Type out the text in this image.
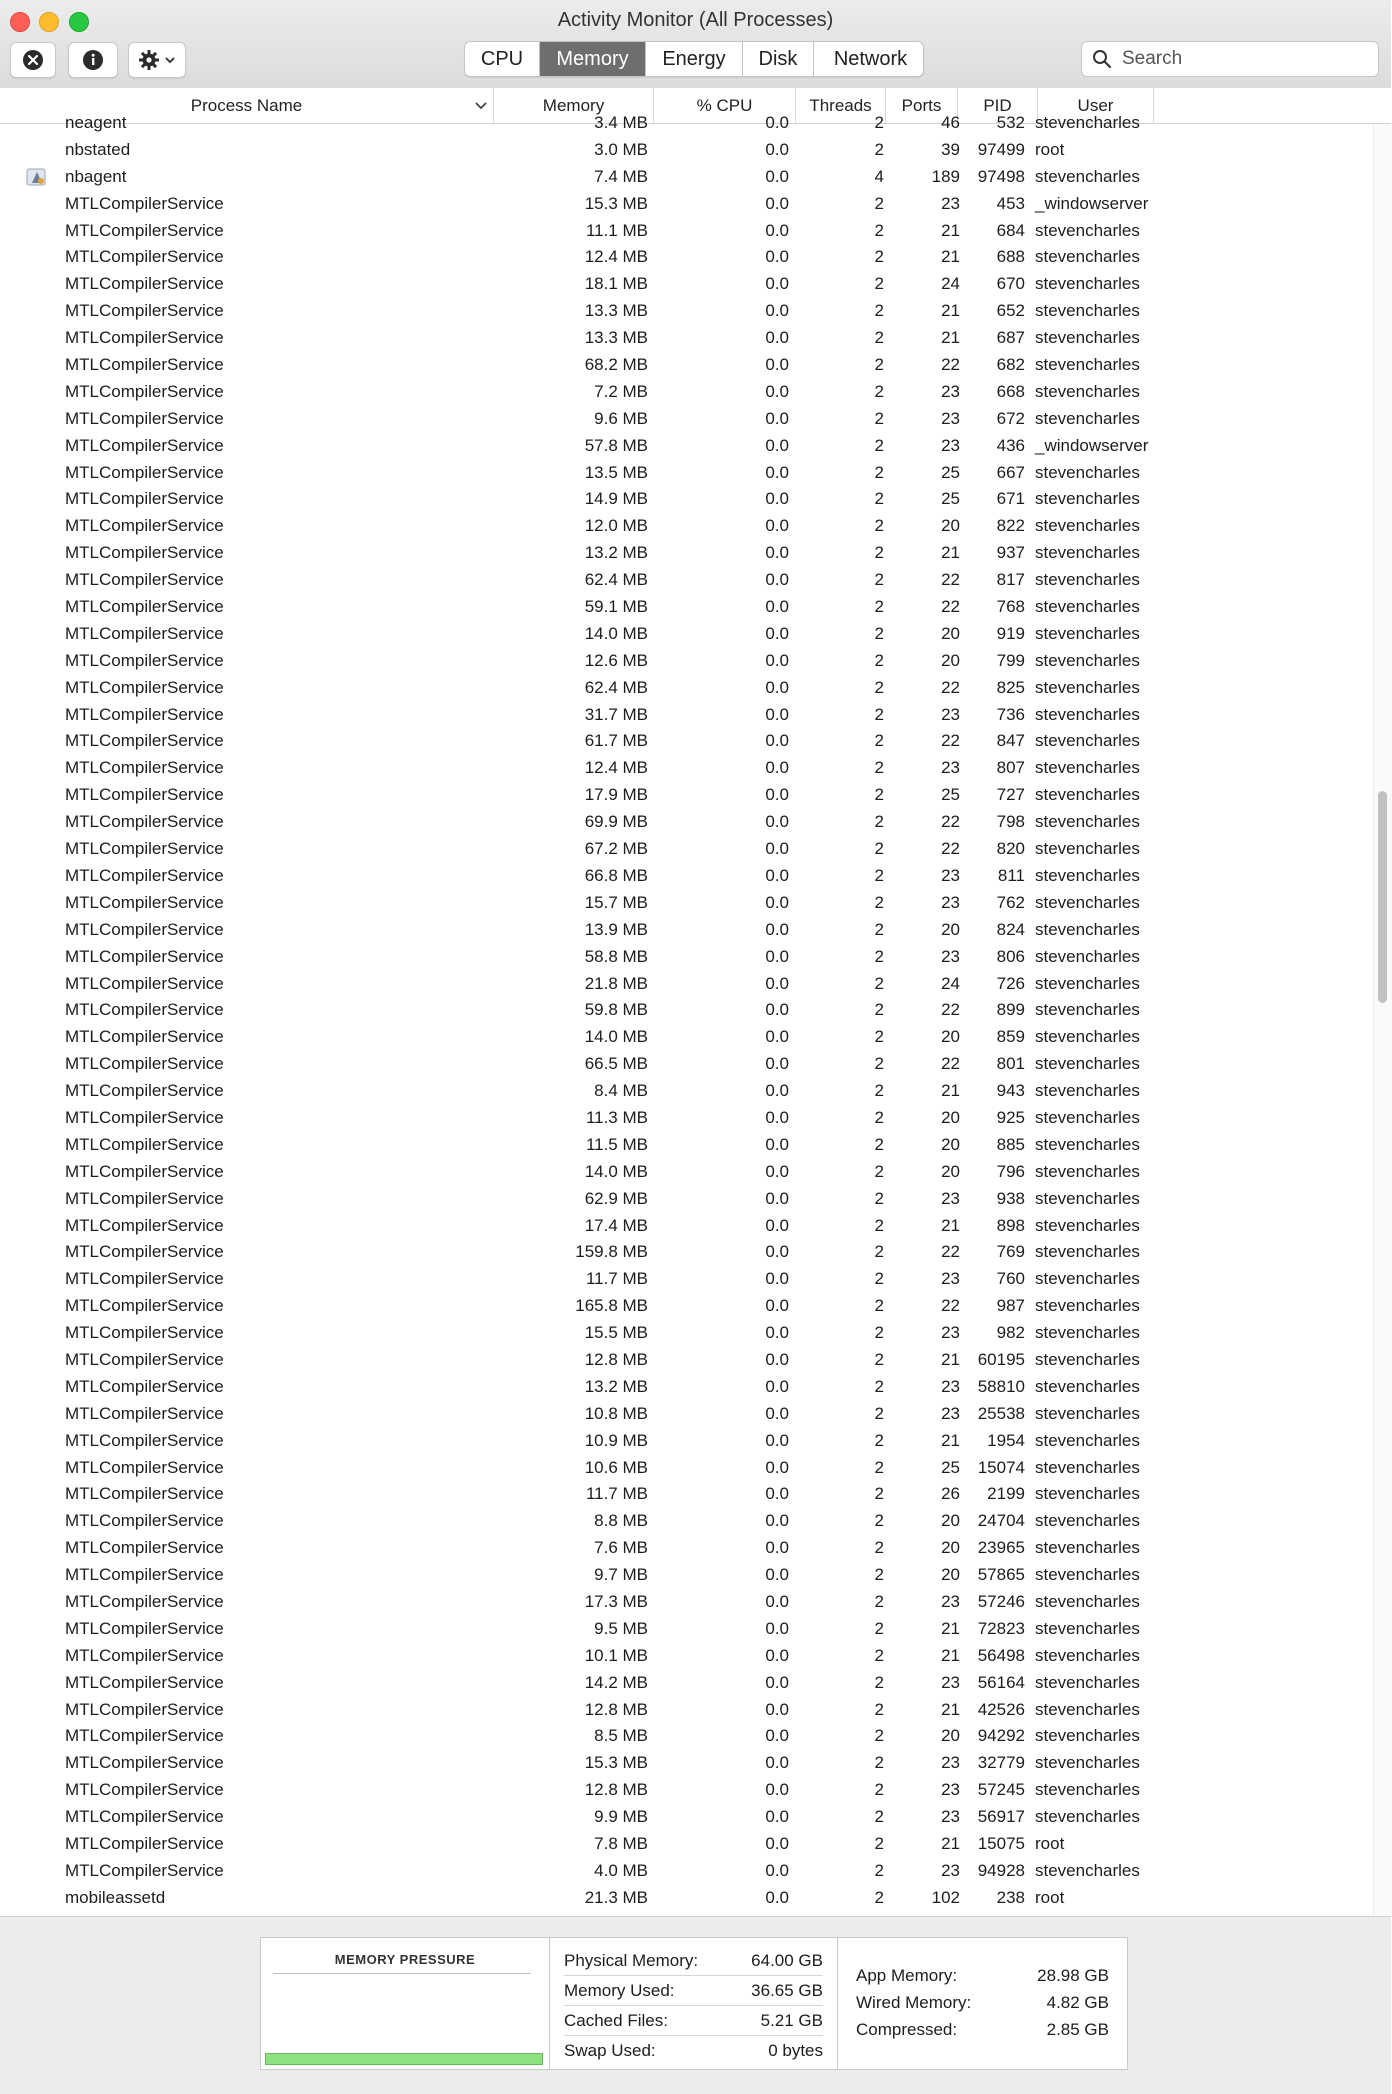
Activity Monitor (All Processes)
CPU	Memory	Energy	Disk	Network
Search
Process Name	Memory	% CPU	Threads	Ports	PID	User
neagent	3.4 MB	0.0	2	46	532 stevencharles
nbstated	3.0 MB	0.0	2	39	97499 root
nbagent	7.4 MB	0.0	4	189	97498 stevencharles
MTLCompilerService	15.3 MB	0.0	2	23	453 _windowserver
MTLCompilerService	11.1 MB	0.0	2	21	684 stevencharles
MTLCompilerService	12.4 MB	0.0	2	21	688 stevencharles
MTLCompilerService	18.1 MB	0.0	2	24	670 stevencharles
MTLCompilerService	13.3 MB	0.0	2	21	652 stevencharles
MTLCompilerService	13.3 MB	0.0	2	21	687 stevencharles
MTLCompilerService	68.2 MB	0.0	2	22	682 stevencharles
MTLCompilerService	7.2 MB	0.0	2	23	668 stevencharles
MTLCompilerService	9.6 MB	0.0	2	23	672 stevencharles
MTLCompilerService	57.8 MB	0.0	2	23	436 _windowserver
MTLCompilerService	13.5 MB	0.0	2	25	667 stevencharles
MTLCompilerService	14.9 MB	0.0	2	25	671 stevencharles
MTLCompilerService	12.0 MB	0.0	2	20	822 stevencharles
MTLCompilerService	13.2 MB	0.0	2	21	937 stevencharles
MTLCompilerService	62.4 MB	0.0	2	22	817 stevencharles
MTLCompilerService	59.1 MB	0.0	2	22	768 stevencharles
MTLCompilerService	14.0 MB	0.0	2	20	919 stevencharles
MTLCompilerService	12.6 MB	0.0	2	20	799 stevencharles
MTLCompilerService	62.4 MB	0.0	2	22	825 stevencharles
MTLCompilerService	31.7 MB	0.0	2	23	736 stevencharles
MTLCompilerService	61.7 MB	0.0	2	22	847 stevencharles
MTLCompilerService	12.4 MB	0.0	2	23	807 stevencharles
MTLCompilerService	17.9 MB	0.0	2	25	727 stevencharles
MTLCompilerService	69.9 MB	0.0	2	22	798 stevencharles
MTLCompilerService	67.2 MB	0.0	2	22	820 stevencharles
MTLCompilerService	66.8 MB	0.0	2	23	811 stevencharles
MTLCompilerService	15.7 MB	0.0	2	23	762 stevencharles
MTLCompilerService	13.9 MB	0.0	2	20	824 stevencharles
MTLCompilerService	58.8 MB	0.0	2	23	806 stevencharles
MTLCompilerService	21.8 MB	0.0	2	24	726 stevencharles
MTLCompilerService	59.8 MB	0.0	2	22	899 stevencharles
MTLCompilerService	14.0 MB	0.0	2	20	859 stevencharles
MTLCompilerService	66.5 MB	0.0	2	22	801 stevencharles
MTLCompilerService	8.4 MB	0.0	2	21	943 stevencharles
MTLCompilerService	11.3 MB	0.0	2	20	925 stevencharles
MTLCompilerService	11.5 MB	0.0	2	20	885 stevencharles
MTLCompilerService	14.0 MB	0.0	2	20	796 stevencharles
MTLCompilerService	62.9 MB	0.0	2	23	938 stevencharles
MTLCompilerService	17.4 MB	0.0	2	21	898 stevencharles
MTLCompilerService	159.8 MB	0.0	2	22	769 stevencharles
MTLCompilerService	11.7 MB	0.0	2	23	760 stevencharles
MTLCompilerService	165.8 MB	0.0	2	22	987 stevencharles
MTLCompilerService	15.5 MB	0.0	2	23	982 stevencharles
MTLCompilerService	12.8 MB	0.0	2	21	60195 stevencharles
MTLCompilerService	13.2 MB	0.0	2	23	58810 stevencharles
MTLCompilerService	10.8 MB	0.0	2	23	25538 stevencharles
MTLCompilerService	10.9 MB	0.0	2	21	1954 stevencharles
MTLCompilerService	10.6 MB	0.0	2	25	15074 stevencharles
MTLCompilerService	11.7 MB	0.0	2	26	2199 stevencharles
MTLCompilerService	8.8 MB	0.0	2	20	24704 stevencharles
MTLCompilerService	7.6 MB	0.0	2	20	23965 stevencharles
MTLCompilerService	9.7 MB	0.0	2	20	57865 stevencharles
MTLCompilerService	17.3 MB	0.0	2	23	57246 stevencharles
MTLCompilerService	9.5 MB	0.0	2	21	72823 stevencharles
MTLCompilerService	10.1 MB	0.0	2	21	56498 stevencharles
MTLCompilerService	14.2 MB	0.0	2	23	56164 stevencharles
MTLCompilerService	12.8 MB	0.0	2	21	42526 stevencharles
MTLCompilerService	8.5 MB	0.0	2	20	94292 stevencharles
MTLCompilerService	15.3 MB	0.0	2	23	32779 stevencharles
MTLCompilerService	12.8 MB	0.0	2	23	57245 stevencharles
MTLCompilerService	9.9 MB	0.0	2	23	56917 stevencharles
MTLCompilerService	7.8 MB	0.0	2	21	15075 root
MTLCompilerService	4.0 MB	0.0	2	23	94928 stevencharles
mobileassetd	21.3 MB	0.0	2	102	238 root
MEMORY PRESSURE	Physical Memory:	64.00 GB
Memory Used:	36.65 GB
Cached Files:	5.21 GB
Swap Used:	0 bytes
App Memory:	28.98 GB
Wired Memory:	4.82 GB
Compressed:	2.85 GB
